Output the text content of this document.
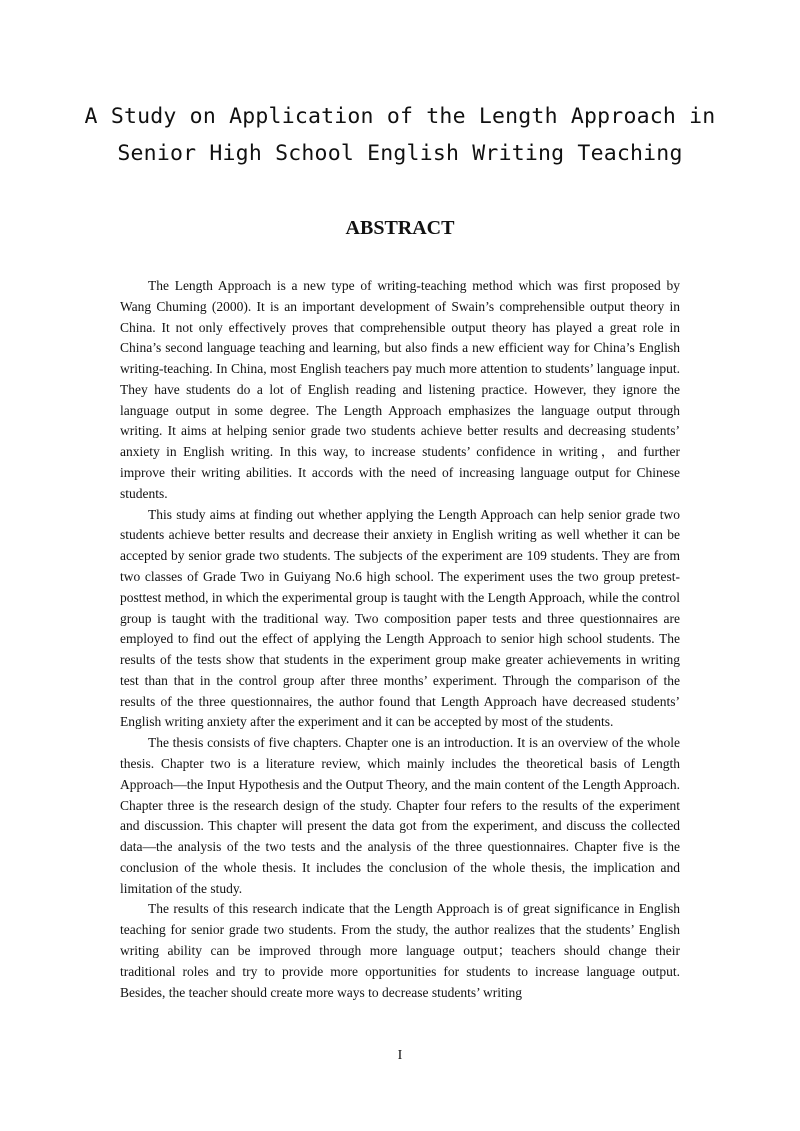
A Study on Application of the Length Approach in
Senior High School English Writing Teaching
ABSTRACT

The Length Approach is a new type of writing-teaching method which was first proposed by Wang Chuming (2000). It is an important development of Swain’s comprehensible output theory in China. It not only effectively proves that comprehensible output theory has played a great role in China’s second language teaching and learning, but also finds a new efficient way for China’s English writing-teaching. In China, most English teachers pay much more attention to students’ language input. They have students do a lot of English reading and listening practice. However, they ignore the language output in some degree. The Length Approach emphasizes the language output through writing. It aims at helping senior grade two students achieve better results and decreasing students’ anxiety in English writing. In this way, to increase students’ confidence in writing，and further improve their writing abilities. It accords with the need of increasing language output for Chinese students.

This study aims at finding out whether applying the Length Approach can help senior grade two students achieve better results and decrease their anxiety in English writing as well whether it can be accepted by senior grade two students. The subjects of the experiment are 109 students. They are from two classes of Grade Two in Guiyang No.6 high school. The experiment uses the two group pretest-posttest method, in which the experimental group is taught with the Length Approach, while the control group is taught with the traditional way. Two composition paper tests and three questionnaires are employed to find out the effect of applying the Length Approach to senior high school students. The results of the tests show that students in the experiment group make greater achievements in writing test than that in the control group after three months’ experiment. Through the comparison of the results of the three questionnaires, the author found that Length Approach have decreased students’ English writing anxiety after the experiment and it can be accepted by most of the students.

The thesis consists of five chapters. Chapter one is an introduction. It is an overview of the whole thesis. Chapter two is a literature review, which mainly includes the theoretical basis of Length Approach—the Input Hypothesis and the Output Theory, and the main content of the Length Approach. Chapter three is the research design of the study. Chapter four refers to the results of the experiment and discussion. This chapter will present the data got from the experiment, and discuss the collected data—the analysis of the two tests and the analysis of the three questionnaires. Chapter five is the conclusion of the whole thesis. It includes the conclusion of the whole thesis, the implication and limitation of the study.

The results of this research indicate that the Length Approach is of great significance in English teaching for senior grade two students. From the study, the author realizes that the students’ English writing ability can be improved through more language output；teachers should change their traditional roles and try to provide more opportunities for students to increase language output. Besides, the teacher should create more ways to decrease students’ writing

I
